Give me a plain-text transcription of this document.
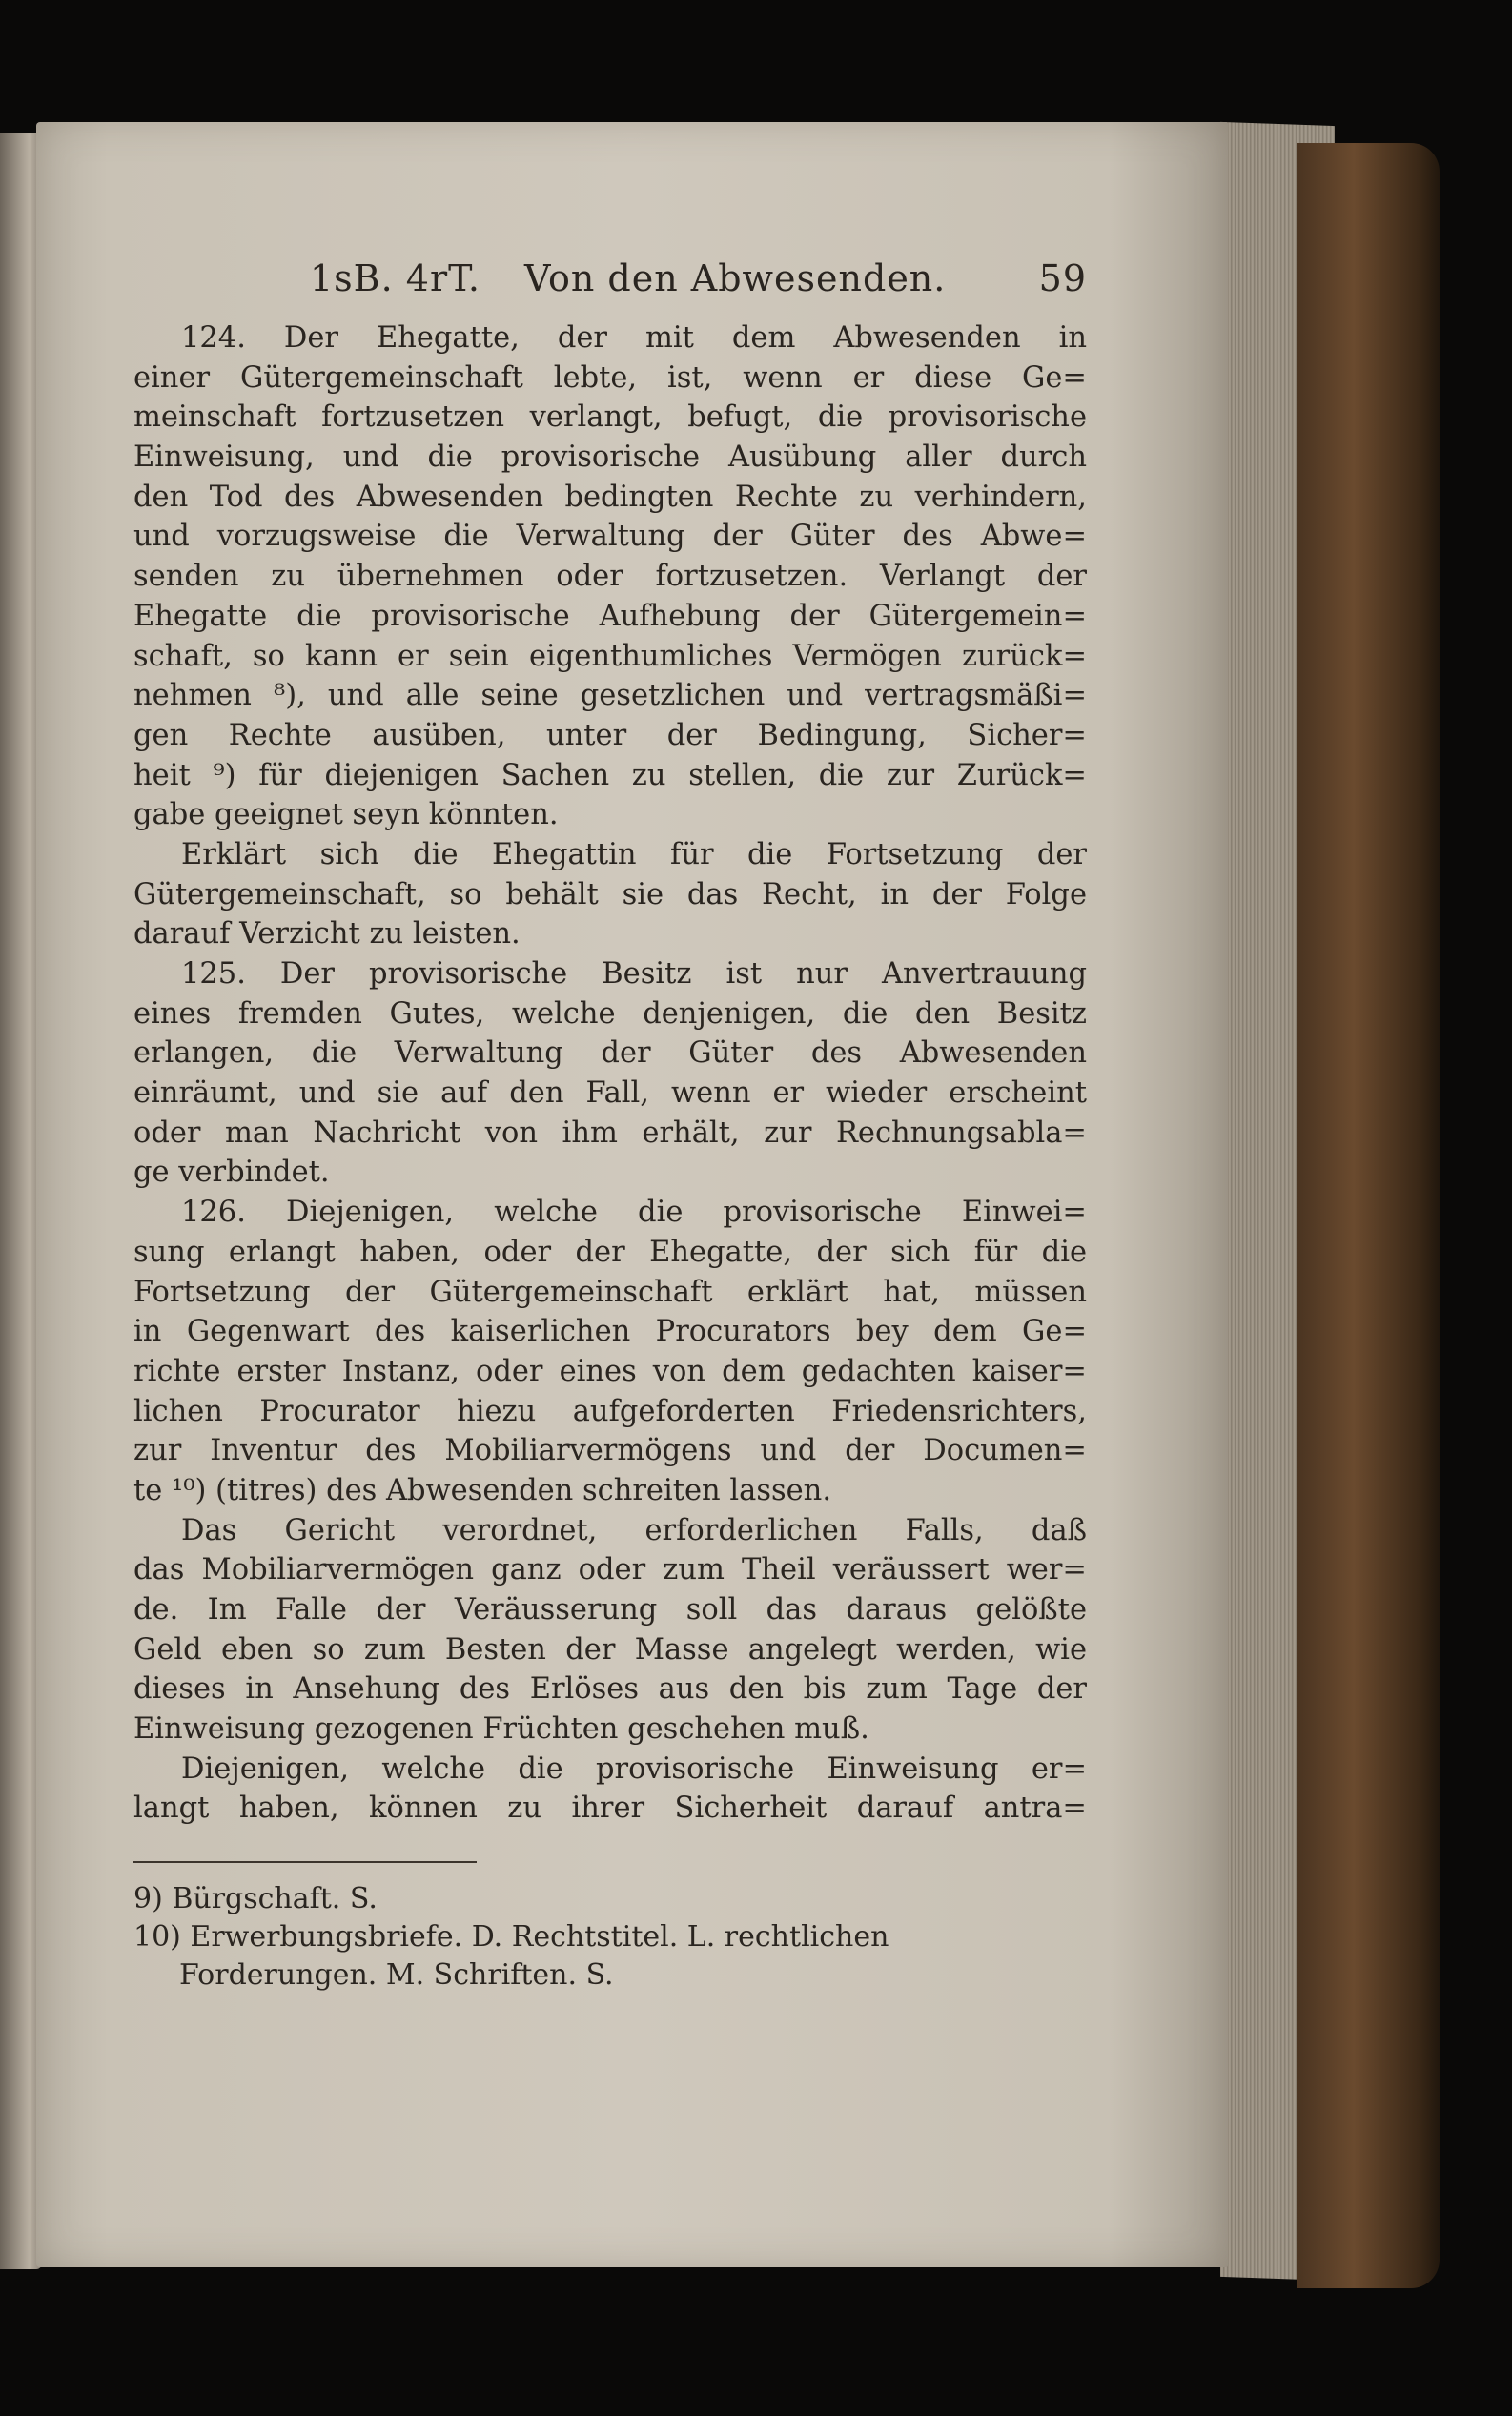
1sB. 4rT. Von den Abwesenden.	59
124. Der Ehegatte, der mit dem Abwesenden in
einer Gütergemeinschaft lebte, ist, wenn er diese Ge=
meinschaft fortzusetzen verlangt, befugt, die provisorische
Einweisung, und die provisorische Ausübung aller durch
den Tod des Abwesenden bedingten Rechte zu verhindern,
und vorzugsweise die Verwaltung der Güter des Abwe=
senden zu übernehmen oder fortzusetzen. Verlangt der
Ehegatte die provisorische Aufhebung der Gütergemein=
schaft, so kann er sein eigenthumliches Vermögen zurück=
nehmen ⁸), und alle seine gesetzlichen und vertragsmäßi=
gen Rechte ausüben, unter der Bedingung, Sicher=
heit ⁹) für diejenigen Sachen zu stellen, die zur Zurück=
gabe geeignet seyn könnten.
Erklärt sich die Ehegattin für die Fortsetzung der
Gütergemeinschaft, so behält sie das Recht, in der Folge
darauf Verzicht zu leisten.
125. Der provisorische Besitz ist nur Anvertrauung
eines fremden Gutes, welche denjenigen, die den Besitz
erlangen, die Verwaltung der Güter des Abwesenden
einräumt, und sie auf den Fall, wenn er wieder erscheint
oder man Nachricht von ihm erhält, zur Rechnungsabla=
ge verbindet.
126. Diejenigen, welche die provisorische Einwei=
sung erlangt haben, oder der Ehegatte, der sich für die
Fortsetzung der Gütergemeinschaft erklärt hat, müssen
in Gegenwart des kaiserlichen Procurators bey dem Ge=
richte erster Instanz, oder eines von dem gedachten kaiser=
lichen Procurator hiezu aufgeforderten Friedensrichters,
zur Inventur des Mobiliarvermögens und der Documen=
te ¹⁰) (titres) des Abwesenden schreiten lassen.
Das Gericht verordnet, erforderlichen Falls, daß
das Mobiliarvermögen ganz oder zum Theil veräussert wer=
de. Im Falle der Veräusserung soll das daraus gelößte
Geld eben so zum Besten der Masse angelegt werden, wie
dieses in Ansehung des Erlöses aus den bis zum Tage der
Einweisung gezogenen Früchten geschehen muß.
Diejenigen, welche die provisorische Einweisung er=
langt haben, können zu ihrer Sicherheit darauf antra=
9) Bürgschaft. S.
10) Erwerbungsbriefe. D. Rechtstitel. L. rechtlichen
Forderungen. M. Schriften. S.
